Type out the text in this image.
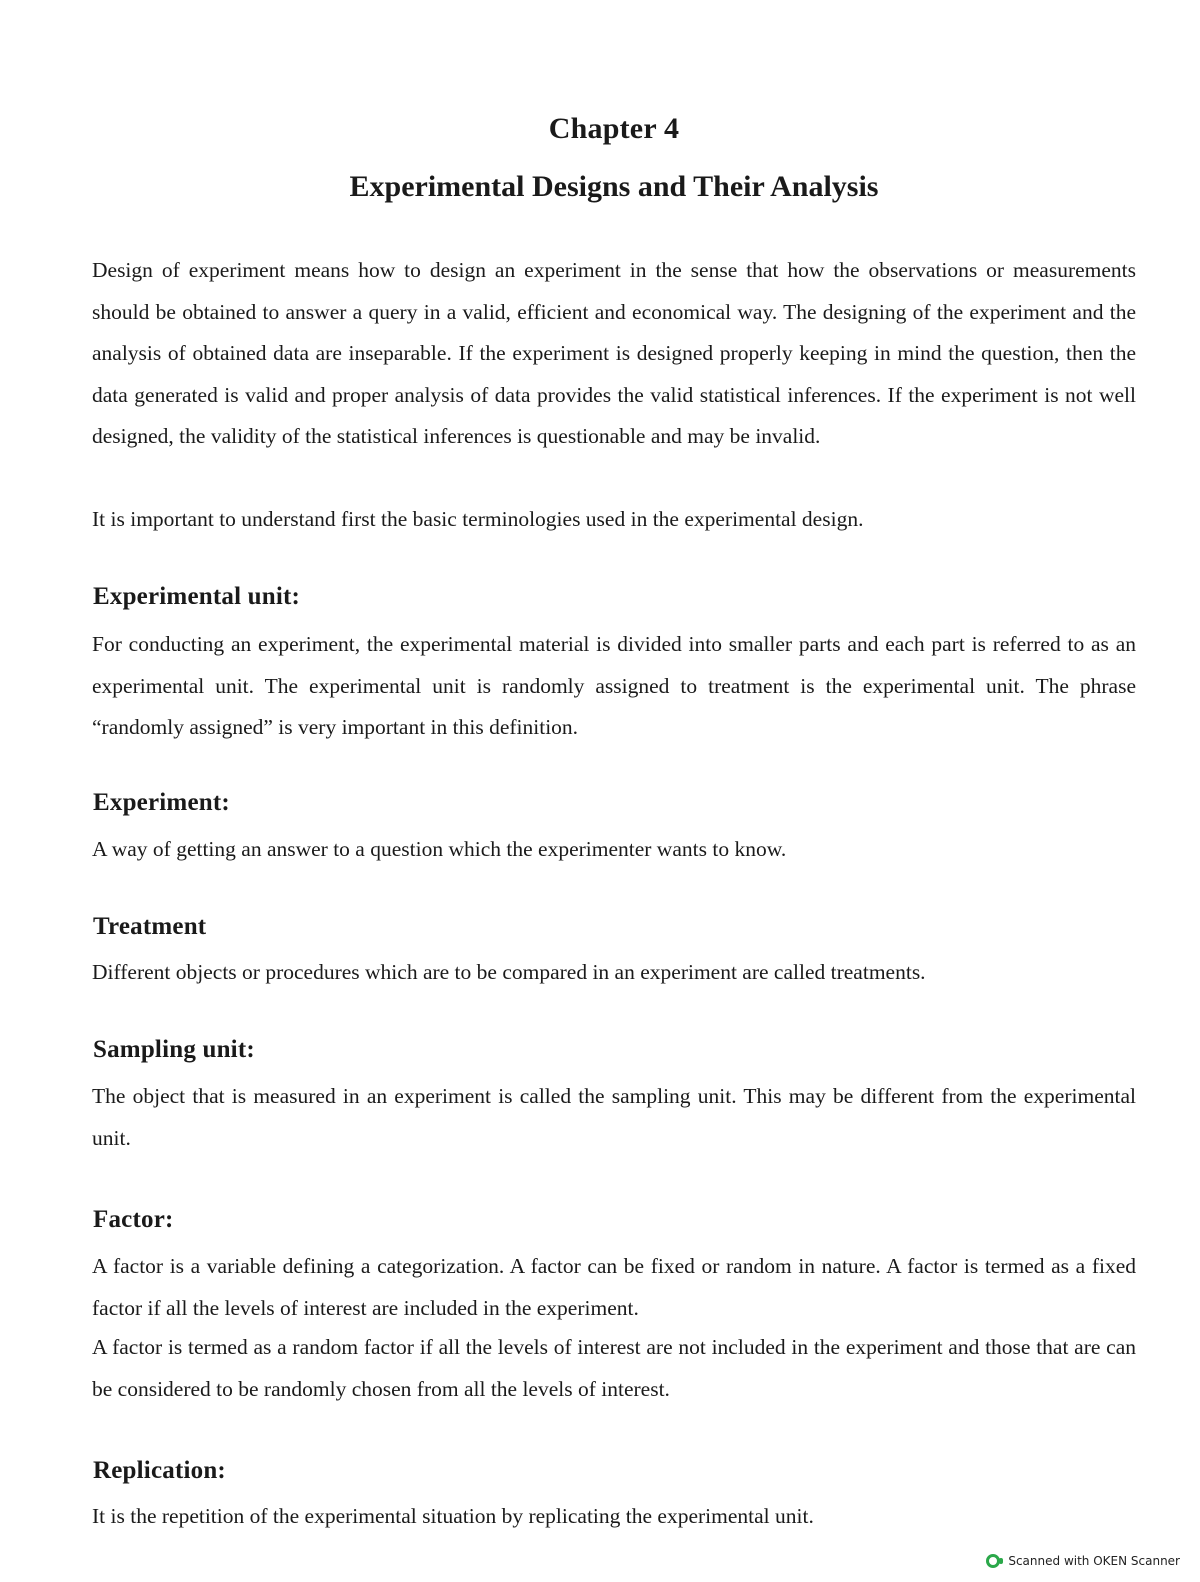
Chapter 4
Experimental Designs and Their Analysis

Design of experiment means how to design an experiment in the sense that how the observations or measurements should be obtained to answer a query in a valid, efficient and economical way. The designing of the experiment and the analysis of obtained data are inseparable. If the experiment is designed properly keeping in mind the question, then the data generated is valid and proper analysis of data provides the valid statistical inferences. If the experiment is not well designed, the validity of the statistical inferences is questionable and may be invalid.

It is important to understand first the basic terminologies used in the experimental design.

Experimental unit:

For conducting an experiment, the experimental material is divided into smaller parts and each part is referred to as an experimental unit. The experimental unit is randomly assigned to treatment is the experimental unit. The phrase “randomly assigned” is very important in this definition.

Experiment:

A way of getting an answer to a question which the experimenter wants to know.

Treatment

Different objects or procedures which are to be compared in an experiment are called treatments.

Sampling unit:

The object that is measured in an experiment is called the sampling unit. This may be different from the experimental unit.

Factor:

A factor is a variable defining a categorization. A factor can be fixed or random in nature. A factor is termed as a fixed factor if all the levels of interest are included in the experiment.

A factor is termed as a random factor if all the levels of interest are not included in the experiment and those that are can be considered to be randomly chosen from all the levels of interest.

Replication:

It is the repetition of the experimental situation by replicating the experimental unit.

Scanned with OKEN Scanner
